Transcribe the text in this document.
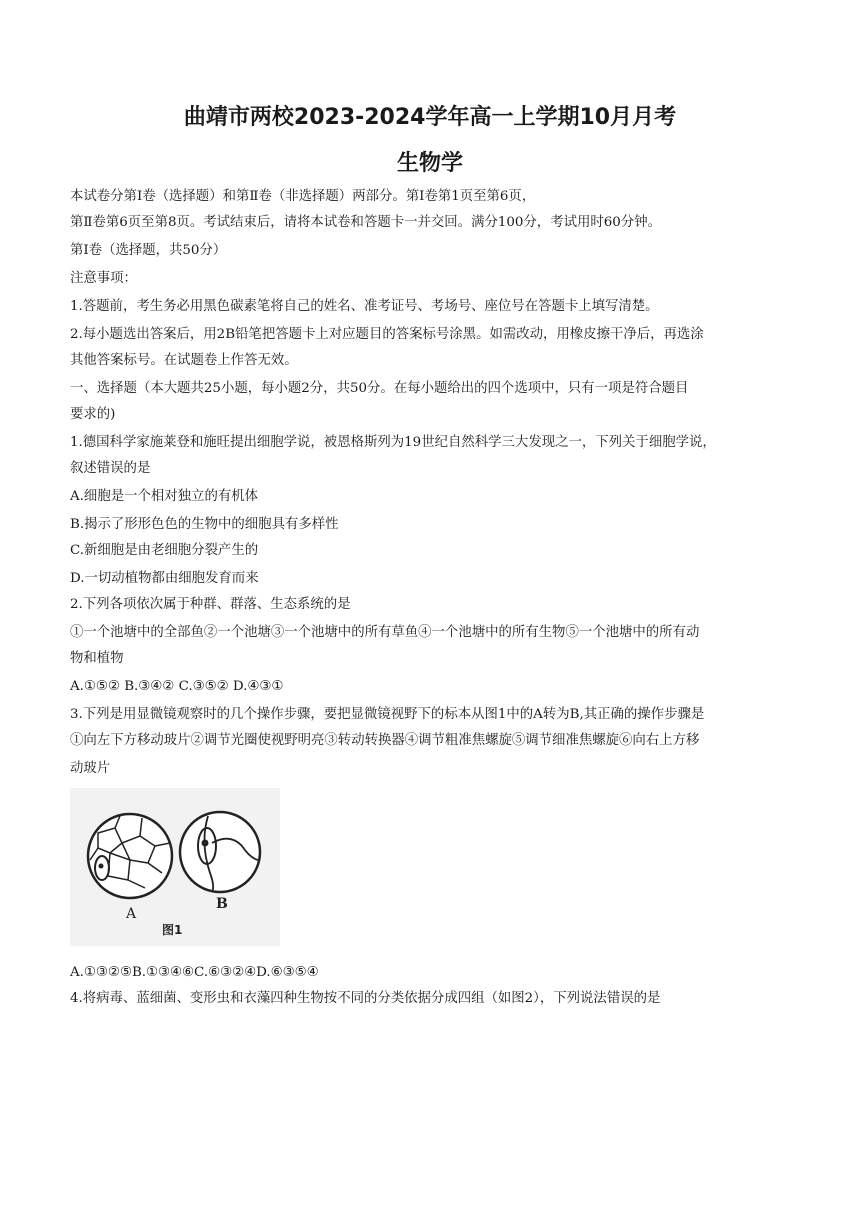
曲靖市两校2023-2024学年高一上学期10月月考
生物学
本试卷分第Ⅰ卷（选择题）和第Ⅱ卷（非选择题）两部分。第Ⅰ卷第1页至第6页，
第Ⅱ卷第6页至第8页。考试结束后，请将本试卷和答题卡一并交回。满分100分，考试用时60分钟。
第Ⅰ卷（选择题，共50分）
注意事项：
1.答题前，考生务必用黑色碳素笔将自己的姓名、准考证号、考场号、座位号在答题卡上填写清楚。
2.每小题选出答案后，用2B铅笔把答题卡上对应题目的答案标号涂黑。如需改动，用橡皮擦干净后，再选涂
其他答案标号。在试题卷上作答无效。
一、选择题（本大题共25小题，每小题2分，共50分。在每小题给出的四个选项中，只有一项是符合题目
要求的)
1.德国科学家施莱登和施旺提出细胞学说，被恩格斯列为19世纪自然科学三大发现之一，下列关于细胞学说，
叙述错误的是
A.细胞是一个相对独立的有机体
B.揭示了形形色色的生物中的细胞具有多样性
C.新细胞是由老细胞分裂产生的
D.一切动植物都由细胞发育而来
2.下列各项依次属于种群、群落、生态系统的是
①一个池塘中的全部鱼②一个池塘③一个池塘中的所有草鱼④一个池塘中的所有生物⑤一个池塘中的所有动
物和植物
A.①⑤② B.③④② C.③⑤② D.④③①
3.下列是用显微镜观察时的几个操作步骤，要把显微镜视野下的标本从图1中的A转为B,其正确的操作步骤是
①向左下方移动玻片②调节光圈使视野明亮③转动转换器④调节粗准焦螺旋⑤调节细准焦螺旋⑥向右上方移
动玻片
A
B
图1
A.①③②⑤B.①③④⑥C.⑥③②④D.⑥③⑤④
4.将病毒、蓝细菌、变形虫和衣藻四种生物按不同的分类依据分成四组（如图2），下列说法错误的是
